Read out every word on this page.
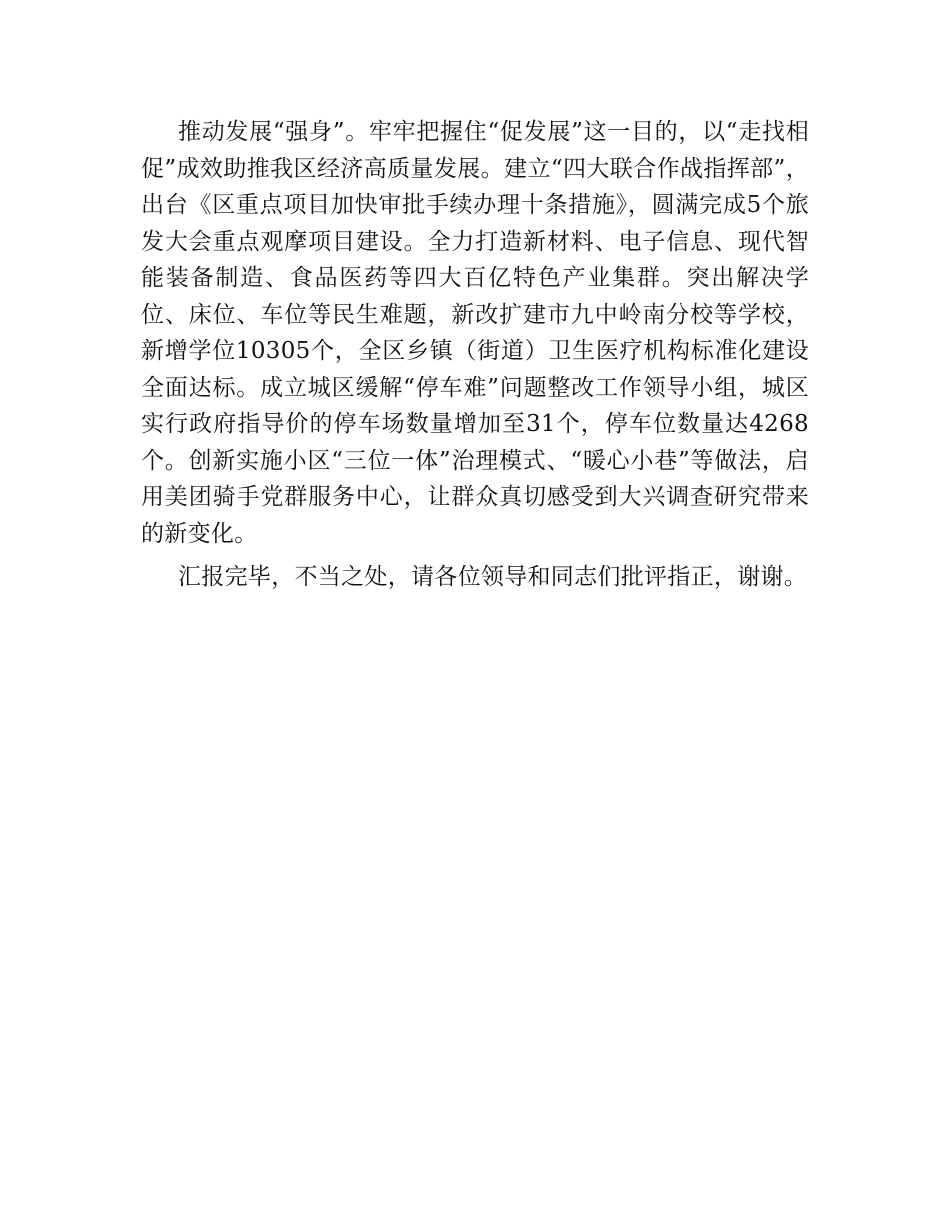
推动发展“强身”。牢牢把握住“促发展”这一目的，以“走找相促”成效助推我区经济高质量发展。建立“四大联合作战指挥部”，出台《区重点项目加快审批手续办理十条措施》，圆满完成5个旅发大会重点观摩项目建设。全力打造新材料、电子信息、现代智能装备制造、食品医药等四大百亿特色产业集群。突出解决学位、床位、车位等民生难题，新改扩建市九中岭南分校等学校，新增学位10305个，全区乡镇（街道）卫生医疗机构标准化建设全面达标。成立城区缓解“停车难”问题整改工作领导小组，城区实行政府指导价的停车场数量增加至31个，停车位数量达4268个。创新实施小区“三位一体”治理模式、“暖心小巷”等做法，启用美团骑手党群服务中心，让群众真切感受到大兴调查研究带来的新变化。

汇报完毕，不当之处，请各位领导和同志们批评指正，谢谢。
